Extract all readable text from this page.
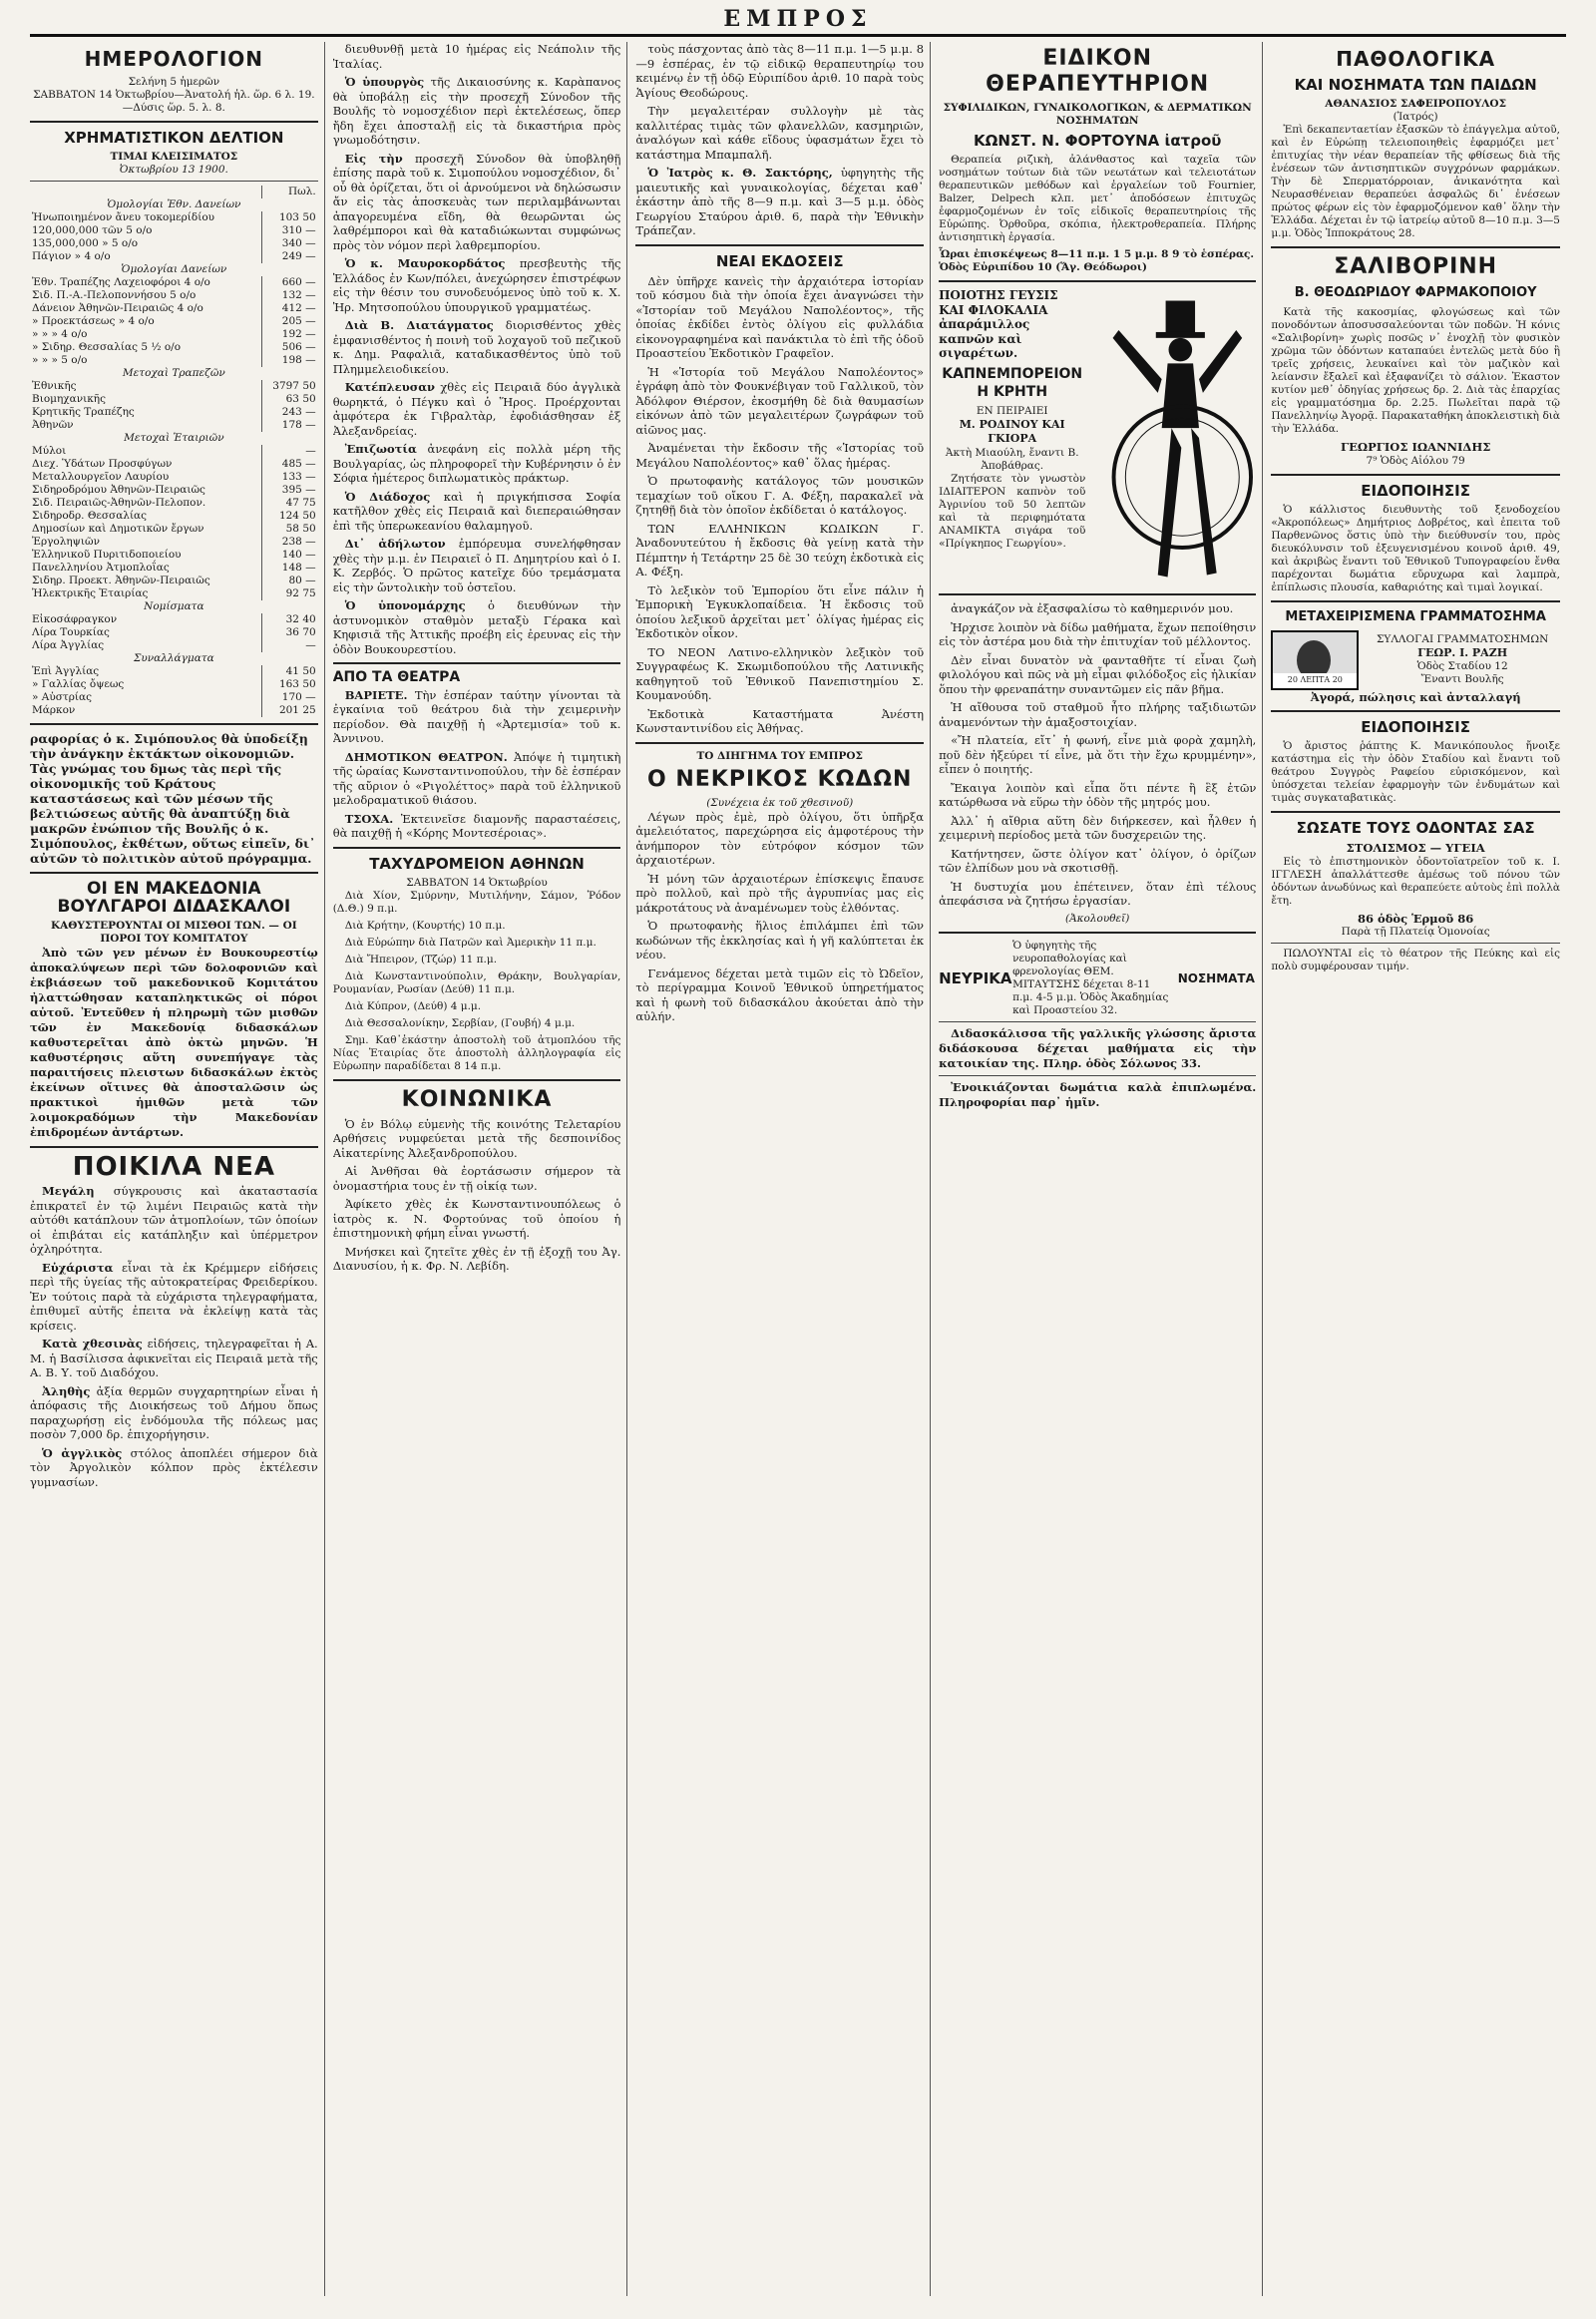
ΕΜΠΡΟΣ
ΗΜΕΡΟΛΟΓΙΟΝ
Σελήνη 5 ἡμερῶν
ΣΑΒΒΑΤΟΝ 14 Ὀκτωβρίου—Ἀνατολή ἡλ. ὥρ. 6 λ. 19.—Δύσις ὥρ. 5. λ. 8.
ΧΡΗΜΑΤΙΣΤΙΚΟΝ ΔΕΛΤΙΟΝ
ΤΙΜΑΙ ΚΛΕΙΣΙΜΑΤΟΣ
Ὀκτωβρίου 13 1900.
	Πωλ.
Ὁμολογίαι Ἐθν. Δανείων	
Ἡνωποιημένον ἄνευ τοκομερίδίου	103 50
120,000,000 τῶν 5 ο/ο	310 —
135,000,000 » 5 ο/ο	340 —
Πάγιον » 4 ο/ο	249 —
Ὁμολογίαι Δανείων	
Ἐθν. Τραπέζης Λαχειοφόροι 4 ο/ο	660 —
Σιδ. Π.-Α.-Πελοποννήσου 5 ο/ο	132 —
Δάνειον Ἀθηνῶν-Πειραιῶς 4 ο/ο	412 —
» Προεκτάσεως » 4 ο/ο	205 —
» » » 4 ο/ο	192 —
» Σιδηρ. Θεσσαλίας 5 ½ ο/ο	506 —
» » » 5 ο/ο	198 —
Μετοχαὶ Τραπεζῶν	
Ἐθνικῆς	3797 50
Βιομηχανικῆς	63 50
Κρητικῆς Τραπέζης	243 —
Ἀθηνῶν	178 —
Μετοχαὶ Ἑταιριῶν	
Μύλοι	—
Διεχ. Ὑδάτων Προσφύγων	485 —
Μεταλλουργεῖον Λαυρίου	133 —
Σιδηροδρόμου Ἀθηνῶν-Πειραιῶς	395 —
Σιδ. Πειραιῶς-Ἀθηνῶν-Πελοπον.	47 75
Σιδηροδρ. Θεσσαλίας	124 50
Δημοσίων καὶ Δημοτικῶν ἔργων	58 50
Ἐργοληψιῶν	238 —
Ἑλληνικοῦ Πυριτιδοποιείου	140 —
Πανελληνίου Ἀτμοπλοΐας	148 —
Σιδηρ. Προεκτ. Ἀθηνῶν-Πειραιῶς	80 —
Ἠλεκτρικῆς Ἑταιρίας	92 75
Νομίσματα	
Εἰκοσάφραγκον	32 40
Λίρα Τουρκίας	36 70
Λίρα Ἀγγλίας	—
Συναλλάγματα	
Ἐπὶ Ἀγγλίας	41 50
» Γαλλίας ὄψεως	163 50
» Αὐστρίας	170 —
Μάρκον	201 25
ραφορίας ὁ κ. Σιμόπουλος θὰ ὑποδείξῃ τὴν ἀνάγκην ἐκτάκτων οἰκονομιῶν. Τὰς γνώμας του δμως τὰς περὶ τῆς οἰκονομικῆς τοῦ Κράτους καταστάσεως καὶ τῶν μέσων τῆς βελτιώσεως αὐτῆς θὰ ἀναπτύξῃ διὰ μακρῶν ἐνώπιον τῆς Βουλῆς ὁ κ. Σιμόπουλος, ἐκθέτων, οὕτως εἰπεῖν, δι᾽ αὐτῶν τὸ πολιτικὸν αὐτοῦ πρόγραμμα.
ΟΙ ΕΝ ΜΑΚΕΔΟΝΙΑ ΒΟΥΛΓΑΡΟΙ ΔΙΔΑΣΚΑΛΟΙ
ΚΑΘΥΣΤΕΡΟΥΝΤΑΙ ΟΙ ΜΙΣΘΟΙ ΤΩΝ. — ΟΙ ΠΟΡΟΙ ΤΟΥ ΚΟΜΙΤΑΤΟΥ

Ἀπὸ τῶν γεν μένων ἐν Βουκουρεστίῳ ἀποκαλύψεων περὶ τῶν δολοφονιῶν καὶ ἐκβιάσεων τοῦ μακεδονικοῦ Κομιτάτου ἠλαττώθησαν καταπληκτικῶς οἱ πόροι αὐτοῦ. Ἐντεῦθεν ἡ πληρωμὴ τῶν μισθῶν τῶν ἐν Μακεδονίᾳ διδασκάλων καθυστερεῖται ἀπὸ ὀκτὼ μηνῶν. Ἡ καθυστέρησις αὕτη συνεπήγαγε τὰς παραιτήσεις πλειστων διδασκάλων ἐκτὸς ἐκείνων οἵτινες θὰ ἀποσταλῶσιν ὡς πρακτικοὶ ἡμιθῶν μετὰ τῶν λοιμοκραδόμων τὴν Μακεδονίαν ἐπιδρομέων ἀντάρτων.

ΠΟΙΚΙΛΑ ΝΕΑ

Μεγάλη σύγκρουσις καὶ ἀκαταστασία ἐπικρατεῖ ἐν τῷ λιμένι Πειραιῶς κατὰ τὴν αὐτόθι κατάπλουν τῶν ἀτμοπλοίων, τῶν ὁποίων οἱ ἐπιβάται εἰς κατάπληξιν καὶ ὑπέρμετρον ὀχληρότητα.

Εὐχάριστα εἶναι τὰ ἐκ Κρέμμερν εἰδήσεις περὶ τῆς ὑγείας τῆς αὐτοκρατείρας Φρειδερίκου. Ἐν τούτοις παρὰ τὰ εὐχάριστα τηλεγραφήματα, ἐπιθυμεῖ αὐτῆς ἐπειτα νὰ ἐκλείψῃ κατὰ τὰς κρίσεις.

Κατὰ χθεσινὰς εἰδήσεις, τηλεγραφεῖται ἡ Α. Μ. ἡ Βασίλισσα ἀφικνεῖται εἰς Πειραιᾶ μετὰ τῆς Α. Β. Υ. τοῦ Διαδόχου.

Ἀληθὴς ἀξία θερμῶν συγχαρητηρίων εἶναι ἡ ἀπόφασις τῆς Διοικήσεως τοῦ Δήμου ὅπως παραχωρήσῃ εἰς ἐνδόμουλα τῆς πόλεως μας ποσὸν 7,000 δρ. ἐπιχορήγησιν.

Ὁ ἀγγλικὸς στόλος ἀποπλέει σήμερον διὰ τὸν Ἀργολικὸν κόλπον πρὸς ἐκτέλεσιν γυμνασίων.

διευθυνθῇ μετὰ 10 ἡμέρας εἰς Νεάπολιν τῆς Ἰταλίας.

Ὁ ὑπουργὸς τῆς Δικαιοσύνης κ. Καρὰπανος θὰ ὑποβάλῃ εἰς τὴν προσεχῆ Σύνοδον τῆς Βουλῆς τὸ νομοσχέδιον περὶ ἐκτελέσεως, ὅπερ ἤδη ἔχει ἀποσταλῇ εἰς τὰ δικαστήρια πρὸς γνωμοδότησιν.

Εἰς τὴν προσεχῆ Σύνοδον θὰ ὑποβληθῇ ἐπίσης παρὰ τοῦ κ. Σιμοπούλου νομοσχέδιον, δι᾽ οὗ θὰ ὁρίζεται, ὅτι οἱ ἀρνούμενοι νὰ δηλώσωσιν ἄν εἰς τὰς ἀποσκευὰς των περιλαμβάνωνται ἀπαγορευμένα εἴδη, θὰ θεωρῶνται ὡς λαθρέμποροι καὶ θὰ καταδιώκωνται συμφώνως πρὸς τὸν νόμον περὶ λαθρεμπορίου.

Ὁ κ. Μαυροκορδάτος πρεσβευτὴς τῆς Ἑλλάδος ἐν Κων/πόλει, ἀνεχώρησεν ἐπιστρέφων εἰς τὴν θέσιν του συνοδευόμενος ὑπὸ τοῦ κ. Χ. Ἠρ. Μητσοπούλου ὑπουργικοῦ γραμματέως.

Διὰ Β. Διατάγματος διορισθέντος χθὲς ἐμφανισθέντος ἡ ποινὴ τοῦ λοχαγοῦ τοῦ πεζικοῦ κ. Δημ. Ραφαλιᾶ, καταδικασθέντος ὑπὸ τοῦ Πλημμελειοδικείου.

Κατέπλευσαν χθὲς εἰς Πειραιᾶ δύο ἀγγλικὰ θωρηκτά, ὁ Πέγκυ καὶ ὁ Ἥρος. Προέρχονται ἀμφότερα ἐκ Γιβραλτὰρ, ἐφοδιάσθησαν ἐξ Ἀλεξανδρείας.

Ἐπιζωοτία ἀνεφάνη εἰς πολλὰ μέρη τῆς Βουλγαρίας, ὡς πληροφορεῖ τὴν Κυβέρνησιν ὁ ἐν Σόφια ἡμέτερος διπλωματικὸς πράκτωρ.

Ὁ Διάδοχος καὶ ἡ πριγκήπισσα Σοφία κατῆλθον χθὲς εἰς Πειραιᾶ καὶ διεπεραιώθησαν ἐπὶ τῆς ὑπερωκεανίου θαλαμηγοῦ.

Δι᾽ ἀδήλωτον ἐμπόρευμα συνελήφθησαν χθὲς τὴν μ.μ. ἐν Πειραιεῖ ὁ Π. Δημητρίου καὶ ὁ Ι. Κ. Ζερβός. Ὁ πρῶτος κατεῖχε δύο τρεμάσματα εἰς τὴν ὤντολικὴν τοῦ ὀστεῖου.

Ὁ ὑπονομάρχης ὁ διευθύνων τὴν ἀστυνομικὸν σταθμὸν μεταξὺ Γέρακα καὶ Κηφισιᾶ τῆς Ἀττικῆς προέβη εἰς ἐρευνας εἰς τὴν ὁδὸν Βουκουρεστίου.

ΑΠΟ ΤΑ ΘΕΑΤΡΑ

ΒΑΡΙΕΤΕ. Τὴν ἑσπέραν ταύτην γίνονται τὰ ἐγκαίνια τοῦ θεάτρου διὰ τὴν χειμερινὴν περίοδον. Θὰ παιχθῇ ἡ «Ἀρτεμισία» τοῦ κ. Ἀννινου.

ΔΗΜΟΤΙΚΟΝ ΘΕΑΤΡΟΝ. Ἀπόψε ἡ τιμητικὴ τῆς ὡραίας Κωνσταντινοπούλου, τὴν δὲ ἑσπέραν τῆς αὔριον ὁ «Ριγολέττος» παρὰ τοῦ ἑλληνικοῦ μελοδραματικοῦ θιάσου.

ΤΣΟΧΑ. Ἐκτεινεῖσε διαμονῆς παρασταέσεις, θὰ παιχθῇ ἡ «Κόρης Μοντεσέροιας».

ΤΑΧΥΔΡΟΜΕΙΟΝ ΑΘΗΝΩΝ
ΣΑΒΒΑΤΟΝ 14 Ὀκτωβρίου

Διὰ Χίον, Σμύρνην, Μυτιλήνην, Σάμον, Ῥόδον (Δ.Θ.) 9 π.μ.

Διὰ Κρήτην, (Κουρτής) 10 π.μ.

Διὰ Εὐρώπην διὰ Πατρῶν καὶ Ἀμερικὴν 11 π.μ.

Διὰ Ἤπειρον, (Τζώρ) 11 π.μ.

Διὰ Κωνσταντινούπολιν, Θράκην, Βουλγαρίαν, Ρουμανίαν, Ρωσίαν (Δεύθ) 11 π.μ.

Διὰ Κύπρον, (Δεύθ) 4 μ.μ.

Διὰ Θεσσαλονίκην, Σερβίαν, (Γουβή) 4 μ.μ.

Σημ. Καθ᾽ἑκάστην ἀποστολὴ τοῦ ἀτμοπλόου τῆς Νίας Ἑταιρίας ὅτε ἀποστολὴ ἀλληλογραφία εἰς Εὐρωπην παραδίδεται 8 14 π.μ.

ΚΟΙΝΩΝΙΚΑ

Ὁ ἐν Βόλῳ εὐμενὴς τῆς κοινότης Τελεταρίου Αρθήσεις νυμφεύεται μετὰ τῆς δεσποινίδος Αἰκατερίνης Ἀλεξανδροπούλου.

Αἱ Ἀνθῆσαι θὰ ἐορτάσωσιν σήμερον τὰ ὀνομαστήρια τους ἐν τῇ οἰκίᾳ των.

Ἀφίκετο χθὲς ἐκ Κωνσταντινουπόλεως ὁ ἰατρὸς κ. Ν. Φορτούνας τοῦ ὁποίου ἡ ἐπιστημονικὴ φήμη εἶναι γνωστή.

Μνήσκει καὶ ζητεῖτε χθὲς ἐν τῇ ἐξοχῇ του Ἀγ. Διανυσίου, ἡ κ. Φρ. Ν. Λεβίδη.

τοὺς πάσχοντας ἀπὸ τὰς 8—11 π.μ. 1—5 μ.μ. 8—9 ἑσπέρας, ἐν τῷ εἰδικῷ θεραπευτηρίῳ του κειμένῳ ἐν τῇ ὁδῷ Εὐριπίδου ἀριθ. 10 παρὰ τοὺς Ἁγίους Θεοδώρους.

Τὴν μεγαλειτέραν συλλογὴν μὲ τὰς καλλιτέρας τιμὰς τῶν φλανελλῶν, κασμηριῶν, ἀναλόγων καὶ κάθε εἴδους ὑφασμάτων ἔχει τὸ κατάστημα Μπαμπαλῆ.

Ὁ Ἰατρὸς κ. Θ. Σακτόρης, ὑφηγητὴς τῆς μαιευτικῆς καὶ γυναικολογίας, δέχεται καθ᾽ ἑκάστην ἀπὸ τῆς 8—9 π.μ. καὶ 3—5 μ.μ. ὁδὸς Γεωργίου Σταύρου ἀριθ. 6, παρὰ τὴν Ἐθνικὴν Τράπεζαν.

ΝΕΑΙ ΕΚΔΟΣΕΙΣ

Δὲν ὑπῆρχε κανεὶς τὴν ἀρχαιότερα ἱστορίαν τοῦ κόσμου διὰ τὴν ὁποία ἔχει ἀναγνώσει τὴν «Ἱστορίαν τοῦ Μεγάλου Ναπολέοντος», τῆς ὁποίας ἐκδίδει ἐντὸς ὀλίγου εἰς φυλλάδια εἰκονογραφημένα καὶ πανάκτιλα τὸ ἐπὶ τῆς ὁδοῦ Προαστείου Ἐκδοτικὸν Γραφεῖον.

Ἡ «Ἱστορία τοῦ Μεγάλου Ναπολέοντος» ἐγράφη ἀπὸ τὸν Φουκνέβιγαν τοῦ Γαλλικοῦ, τὸν Ἀδόλφον Θιέρσον, ἐκοσμήθη δὲ διὰ θαυμασίων εἰκόνων ἀπὸ τῶν μεγαλειτέρων ζωγράφων τοῦ αἰῶνος μας.

Ἀναμένεται τὴν ἔκδοσιν τῆς «Ἱστορίας τοῦ Μεγάλου Ναπολέοντος» καθ᾽ ὅλας ἡμέρας.

Ὁ πρωτοφανὴς κατάλογος τῶν μουσικῶν τεμαχίων τοῦ οἴκου Γ. Α. Φέξη, παρακαλεῖ νὰ ζητηθῇ διὰ τὸν ὁποῖον ἐκδίδεται ὁ κατάλογος.

ΤΩΝ ΕΛΛΗΝΙΚΩΝ ΚΩΔΙΚΩΝ Γ. Ἀναδονυτεύτου ἡ ἔκδοσις θὰ γείνῃ κατὰ τὴν Πέμπτην ἡ Τετάρτην 25 δὲ 30 τεύχη ἐκδοτικὰ εἰς Α. Φέξη.

Τὸ λεξικὸν τοῦ Ἐμπορίου ὅτι εἶνε πάλιν ἡ Ἐμπορικὴ Ἐγκυκλοπαίδεια. Ἡ ἔκδοσις τοῦ ὁποίου λεξικοῦ ἀρχεῖται μετ᾽ ὀλίγας ἡμέρας εἰς Ἐκδοτικὸν οἶκον.

ΤΟ ΝΕΟΝ Λατινο-ελληνικὸν λεξικὸν τοῦ Συγγραφέως Κ. Σκωμιδοπούλου τῆς Λατινικῆς καθηγητοῦ τοῦ Ἐθνικοῦ Πανεπιστημίου Σ. Κουμανούδη.

Ἐκδοτικὰ Καταστήματα Ἀνέστη Κωνσταντινίδου εἰς Ἀθήνας.

ΤΟ ΔΙΗΓΗΜΑ ΤΟΥ ΕΜΠΡΟΣ
Ο ΝΕΚΡΙΚΟΣ ΚΩΔΩΝ
(Συνέχεια ἐκ τοῦ χθεσινοῦ)

Λέγων πρὸς ἐμὲ, πρὸ ὀλίγου, ὅτι ὑπῆρξα ἀμελειότατος, παρεχώρησα εἰς ἀμφοτέρους τὴν ἀνήμπορον τὸν εὐτρόφον κόσμον τῶν ἀρχαιοτέρων.

Ἡ μόνη τῶν ἀρχαιοτέρων ἐπίσκεψις ἔπαυσε πρὸ πολλοῦ, καὶ πρὸ τῆς ἀγρυπνίας μας εἰς μάκροτάτους νὰ ἀναμένωμεν τοὺς ἐλθόντας.

Ὁ πρωτοφανὴς ἥλιος ἐπιλάμπει ἐπὶ τῶν κωδώνων τῆς ἐκκλησίας καὶ ἡ γῆ καλύπτεται ἐκ νέου.

Γενάμενος δέχεται μετὰ τιμῶν εἰς τὸ Ὠδεῖον, τὸ περίγραμμα Κοινοῦ Ἐθνικοῦ ὑπηρετήματος καὶ ἡ φωνὴ τοῦ διδασκάλου ἀκούεται ἀπὸ τὴν αὐλήν.

ΕΙΔΙΚΟΝ ΘΕΡΑΠΕΥΤΗΡΙΟΝ
ΣΥΦΙΛΙΔΙΚΩΝ, ΓΥΝΑΙΚΟΛΟΓΙΚΩΝ, & ΔΕΡΜΑΤΙΚΩΝ ΝΟΣΗΜΑΤΩΝ
ΚΩΝΣΤ. Ν. ΦΟΡΤΟΥΝΑ ἰατροῦ

Θεραπεία ριζικὴ, ἀλάνθαστος καὶ ταχεῖα τῶν νοσημάτων τούτων διὰ τῶν νεωτάτων καὶ τελειοτάτων θεραπευτικῶν μεθόδων καὶ ἐργαλείων τοῦ Fournier, Balzer, Delpech κλπ. μετ᾽ ἀποδόσεων ἐπιτυχῶς ἐφαρμοζομένων ἐν τοῖς εἰδικοῖς θεραπευτηρίοις τῆς Εὐρώπης. Ὀρθοῦρα, σκόπια, ἠλεκτροθεραπεία. Πλήρης ἀντισηπτικὴ ἐργασία.

Ὧραι ἐπισκέψεως 8—11 π.μ. 1 5 μ.μ. 8 9 τὸ ἑσπέρας. Ὁδὸς Εὐριπίδου 10 (Ἅγ. Θεόδωροι)
ΠΟΙΟΤΗΣ ΓΕΥΣΙΣ ΚΑΙ ΦΙΛΟΚΑΛΙΑ ἀπαράμιλλος καπνῶν καὶ σιγαρέτων.
ΚΑΠΝΕΜΠΟΡΕΙΟΝ Η ΚΡΗΤΗ
ΕΝ ΠΕΙΡΑΙΕΙ
Μ. ΡΟΔΙΝΟΥ ΚΑΙ ΓΚΙΟΡΑ
Ἀκτὴ Μιαούλη, ἔναντι Β. Ἀποβάθρας.

Ζητήσατε τὸν γνωστὸν ΙΔΙΑΙΤΕΡΟΝ καπνὸν τοῦ Ἀγρινίου τοῦ 50 λεπτῶν καὶ τὰ περιφημότατα ΑΝΑΜΙΚΤΑ σιγάρα τοῦ «Πρίγκηπος Γεωργίου».

ἀναγκάζον νὰ ἐξασφαλίσω τὸ καθημερινόν μου.

Ἠρχισε λοιπὸν νὰ δίδω μαθήματα, ἔχων πεποίθησιν εἰς τὸν ἀστέρα μου διὰ τὴν ἐπιτυχίαν τοῦ μέλλοντος.

Δὲν εἶναι δυνατὸν νὰ φανταθῆτε τί εἶναι ζωὴ φιλολόγου καὶ πῶς νὰ μὴ εἶμαι φιλόδοξος εἰς ἡλικίαν ὅπου τὴν φρεναπάτην συναντῶμεν εἰς πᾶν βῆμα.

Ἡ αἴθουσα τοῦ σταθμοῦ ἦτο πλήρης ταξιδιωτῶν ἀναμενόντων τὴν ἁμαξοστοιχίαν.

«Ἤ πλατεία, εἴτ᾽ ἡ φωνή, εἶνε μιὰ φορὰ χαμηλὴ, ποῦ δὲν ἠξεύρει τί εἶνε, μὰ ὅτι τὴν ἔχω κρυμμένην», εἶπεν ὁ ποιητής.

Ἔκαιγα λοιπὸν καὶ εἶπα ὅτι πέντε ἢ ἓξ ἐτῶν κατώρθωσα νὰ εὕρω τὴν ὁδὸν τῆς μητρός μου.

Ἀλλ᾽ ἡ αἴθρια αὕτη δὲν διήρκεσεν, καὶ ἦλθεν ἡ χειμερινὴ περίοδος μετὰ τῶν δυσχερειῶν της.

Κατήντησεν, ὥστε ὀλίγον κατ᾽ ὀλίγον, ὁ ὀρίζων τῶν ἐλπίδων μου νὰ σκοτισθῇ.

Ἡ δυστυχία μου ἐπέτεινεν, ὅταν ἐπὶ τέλους ἀπεφάσισα νὰ ζητήσω ἐργασίαν.

(Ἀκολουθεῖ)
ΝΕΥΡΙΚΑ
Ὁ ὑφηγητὴς τῆς νευροπαθολογίας καὶ φρενολογίας ΘΕΜ. ΜΙΤΑΥΤΣΗΣ δέχεται 8-11 π.μ. 4-5 μ.μ. Ὁδὸς Ἀκαδημίας καὶ Προαστείου 32.
ΝΟΣΗΜΑΤΑ

Διδασκάλισσα τῆς γαλλικῆς γλώσσης ἄριστα διδάσκουσα δέχεται μαθήματα εἰς τὴν κατοικίαν της. Πληρ. ὁδὸς Σόλωνος 33.

Ἐνοικιάζονται δωμάτια καλὰ ἐπιπλωμένα. Πληροφορίαι παρ᾽ ἡμῖν.

ΠΑΘΟΛΟΓΙΚΑ
ΚΑΙ ΝΟΣΗΜΑΤΑ ΤΩΝ ΠΑΙΔΩΝ
ΑΘΑΝΑΣΙΟΣ ΣΑΦΕΙΡΟΠΟΥΛΟΣ
(Ἰατρός)

Ἐπὶ δεκαπενταετίαν ἐξασκῶν τὸ ἐπάγγελμα αὐτοῦ, καὶ ἐν Εὐρώπῃ τελειοποιηθεὶς ἐφαρμόζει μετ᾽ ἐπιτυχίας τὴν νέαν θεραπείαν τῆς φθίσεως διὰ τῆς ἐνέσεων τῶν ἀντισηπτικῶν συγχρόνων φαρμάκων. Τὴν δὲ Σπερματόρροιαν, ἀνικανότητα καὶ Νευρασθένειαν θεραπεύει ἀσφαλῶς δι᾽ ἐνέσεων πρώτος φέρων εἰς τὸν ἐφαρμοζόμενον καθ᾽ ὅλην τὴν Ἑλλάδα. Δέχεται ἐν τῷ ἰατρείῳ αὐτοῦ 8—10 π.μ. 3—5 μ.μ. Ὁδὸς Ἱπποκράτους 28.

ΣΑΛΙΒΟΡΙΝΗ
Β. ΘΕΟΔΩΡΙΔΟΥ ΦΑΡΜΑΚΟΠΟΙΟΥ

Κατὰ τῆς κακοσμίας, φλογώσεως καὶ τῶν πονοδόντων ἀποσυσσαλεύονται τῶν ποδῶν. Ἡ κόνις «Σαλιβορίνη» χωρὶς ποσῶς ν᾽ ἐνοχλῇ τὸν φυσικὸν χρῶμα τῶν ὀδόντων καταπαύει ἐντελῶς μετὰ δύο ἢ τρεῖς χρήσεις, λευκαίνει καὶ τὸν μαζικὸν καὶ λείανσιν ἔξαλεῖ καὶ ἐξαφανίζει τὸ σάλιον. Ἐκαστον κυτίον μεθ᾽ ὁδηγίας χρήσεως δρ. 2. Διὰ τὰς ἐπαρχίας εἰς γραμματόσημα δρ. 2.25. Πωλεῖται παρὰ τῷ Πανελληνίῳ Ἀγορᾷ. Παρακαταθήκη ἀποκλειστικὴ διὰ τὴν Ἑλλάδα.

ΓΕΩΡΓΙΟΣ ΙΩΑΝΝΙΔΗΣ
7⁹ Ὁδὸς Αἰόλου 79
ΕΙΔΟΠΟΙΗΣΙΣ

Ὁ κάλλιστος διευθυντὴς τοῦ ξενοδοχείου «Ἀκροπόλεως» Δημήτριος Δοβρέτος, καὶ ἐπειτα τοῦ Παρθενῶνος ὅστις ὑπὸ τὴν διεύθυνσίν του, πρὸς διευκόλυνσιν τοῦ ἐξευγενισμένου κοινοῦ ἀριθ. 49, καὶ ἀκριβὼς ἔναντι τοῦ Ἐθνικοῦ Τυπογραφείου ἔνθα παρέχονται δωμάτια εὔρυχωρα καὶ λαμπρὰ, ἐπίπλωσις πλουσία, καθαριότης καὶ τιμαὶ λογικαί.

ΜΕΤΑΧΕΙΡΙΣΜΕΝΑ ΓΡΑΜΜΑΤΟΣΗΜΑ
20 ΛΕΠΤΑ 20
ΣΥΛΛΟΓΑΙ ΓΡΑΜΜΑΤΟΣΗΜΩΝ
ΓΕΩΡ. Ι. ΡΑΖΗ
Ὁδὸς Σταδίου 12
Ἔναντι Βουλῆς
Ἀγορά, πώλησις καὶ ἀνταλλαγή
ΕΙΔΟΠΟΙΗΣΙΣ

Ὁ ἄριστος ῥάπτης Κ. Μανικόπουλος ἤνοιξε κατάστημα εἰς τὴν ὁδὸν Σταδίου καὶ ἔναντι τοῦ θεάτρου Συγγρὸς Ραφείου εὐρισκόμενον, καὶ ὑπόσχεται τελείαν ἐφαρμογὴν τῶν ἐνδυμάτων καὶ τιμὰς συγκαταβατικὰς.

ΣΩΣΑΤΕ ΤΟΥΣ ΟΔΟΝΤΑΣ ΣΑΣ
ΣΤΟΛΙΣΜΟΣ — ΥΓΕΙΑ

Εἰς τὸ ἐπιστημονικὸν ὀδοντοϊατρεῖον τοῦ κ. Ι. ΙΓΓΛΕΣΗ ἀπαλλάττεσθε ἀμέσως τοῦ πόνου τῶν ὀδόντων ἀνωδύνως καὶ θεραπεύετε αὐτοὺς ἐπὶ πολλὰ ἔτη.

86 ὁδὸς Ἑρμοῦ 86
Παρὰ τῇ Πλατείᾳ Ὁμονοίας

ΠΩΛΟΥΝΤΑΙ εἰς τὸ θέατρον τῆς Πεύκης καὶ εἰς πολὺ συμφέρουσαν τιμήν.
